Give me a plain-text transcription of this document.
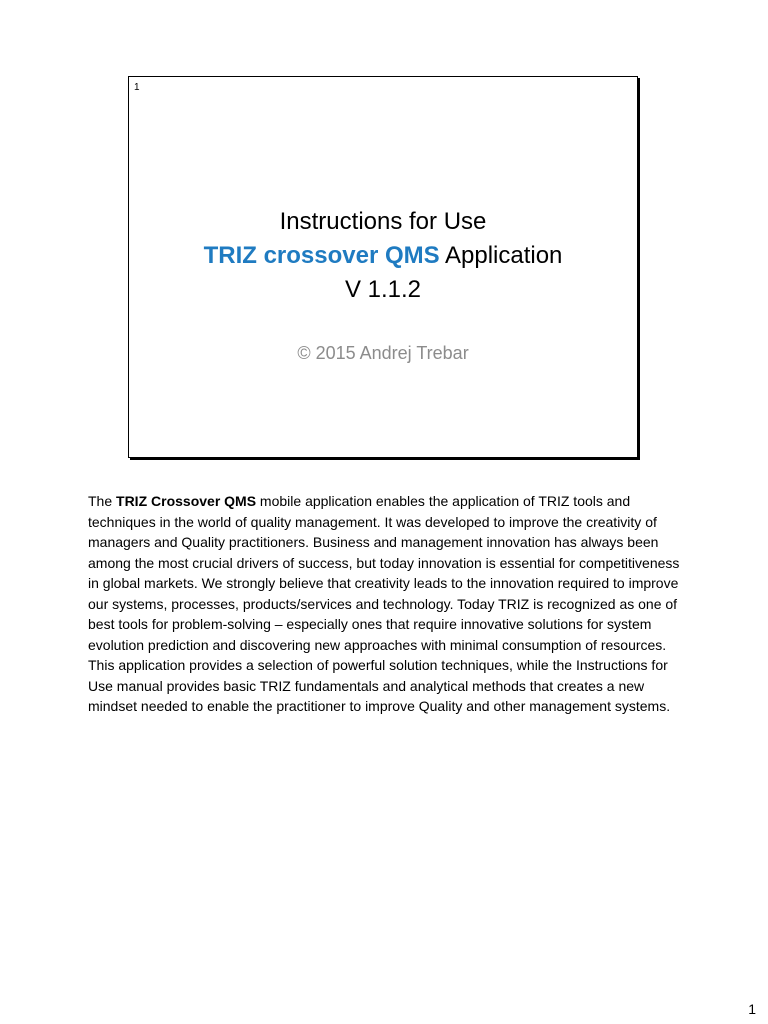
1
Instructions for Use
TRIZ crossover QMS Application
V 1.1.2
© 2015 Andrej Trebar

The TRIZ Crossover QMS mobile application enables the application of TRIZ tools and techniques in the world of quality management. It was developed to improve the creativity of managers and Quality practitioners. Business and management innovation has always been among the most crucial drivers of success, but today innovation is essential for competitiveness in global markets. We strongly believe that creativity leads to the innovation required to improve our systems, processes, products/services and technology. Today TRIZ is recognized as one of best tools for problem-solving – especially ones that require innovative solutions for system evolution prediction and discovering new approaches with minimal consumption of resources. This application provides a selection of powerful solution techniques, while the Instructions for Use manual provides basic TRIZ fundamentals and analytical methods that creates a new mindset needed to enable the practitioner to improve Quality and other management systems.

1
